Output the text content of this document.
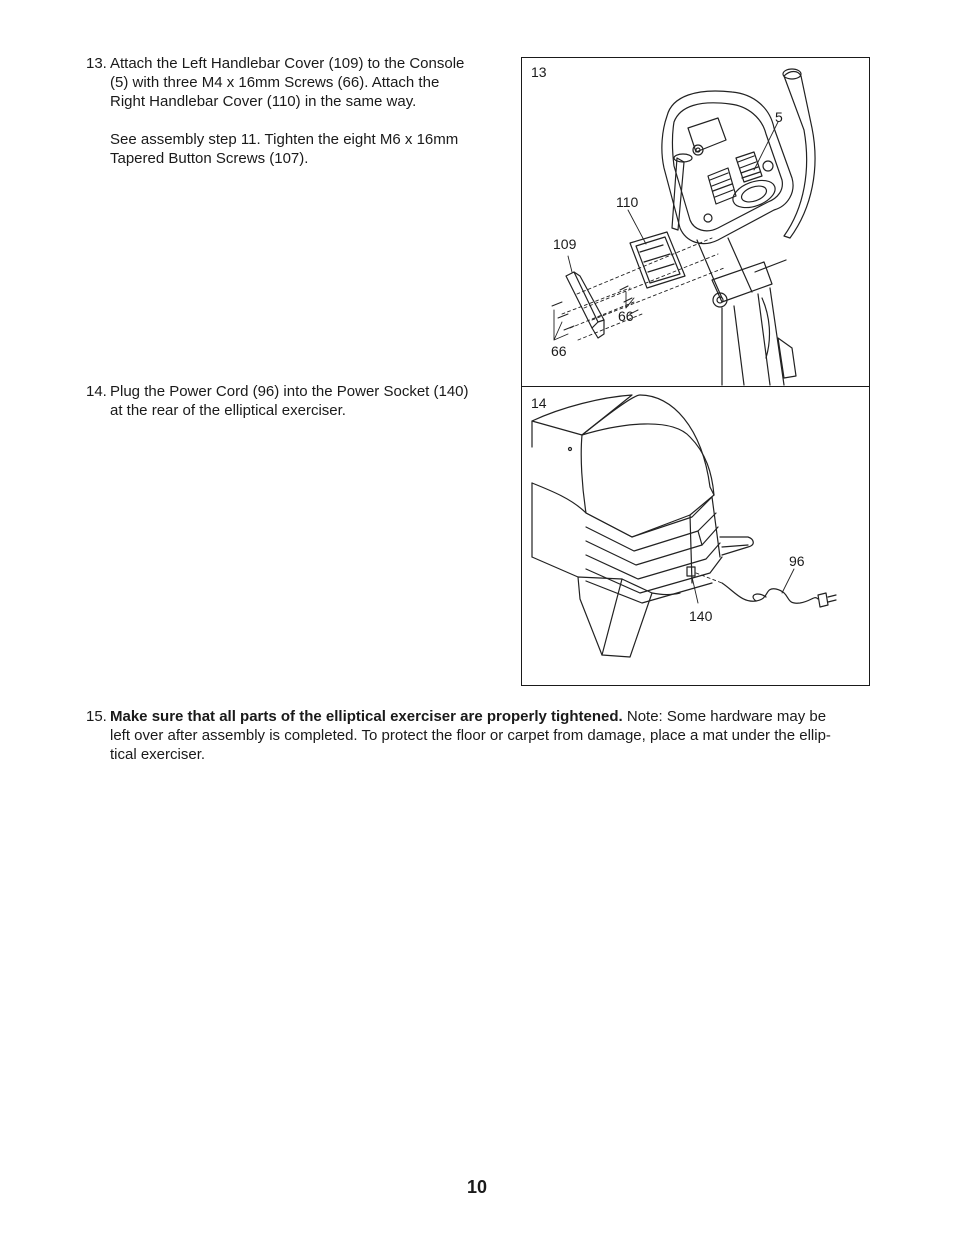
13. Attach the Left Handlebar Cover (109) to the Console

(5) with three M4 x 16mm Screws (66). Attach the

Right Handlebar Cover (110) in the same way.

See assembly step 11. Tighten the eight M6 x 16mm

Tapered Button Screws (107).

14. Plug the Power Cord (96) into the Power Socket (140)

at the rear of the elliptical exerciser.

13
5
110
109
66
66
14
96
140
15. Make sure that all parts of the elliptical exerciser are properly tightened. Note: Some hardware may be

left over after assembly is completed. To protect the floor or carpet from damage, place a mat under the ellip-

tical exerciser.

10
